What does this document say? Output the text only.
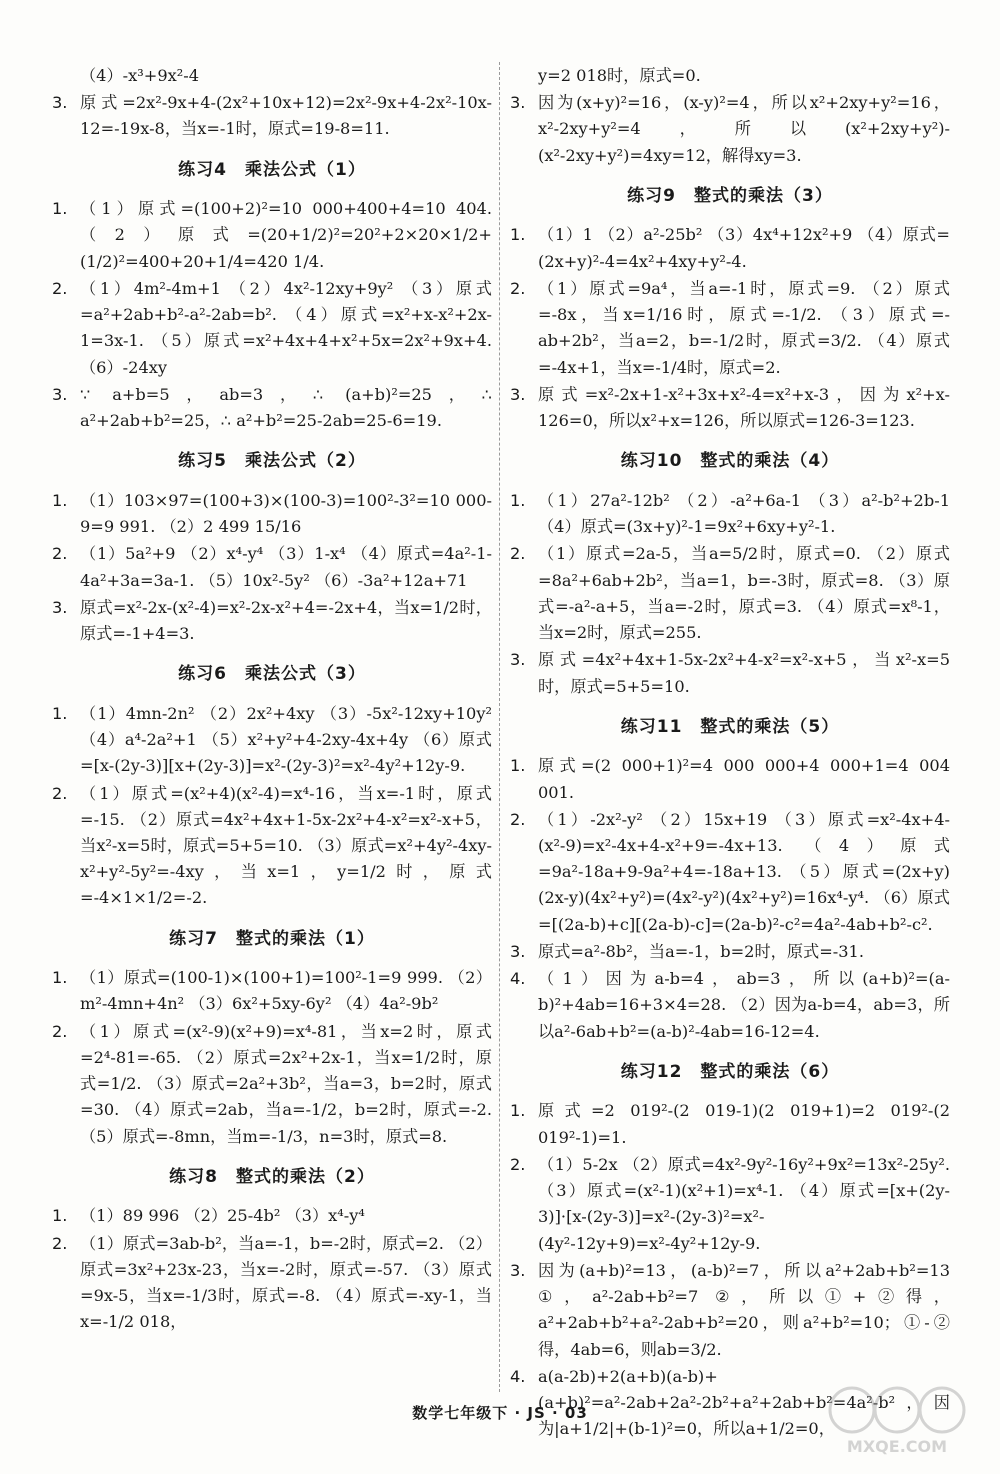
（4）-x³+9x²-4
3. 原式=2x²-9x+4-(2x²+10x+12)=2x²-9x+4-2x²-10x-12=-19x-8，当x=-1时，原式=19-8=11.
练习4　乘法公式（1）
1. （1）原式=(100+2)²=10 000+400+4=10 404. （2）原式=(20+1/2)²=20²+2×20×1/2+(1/2)²=400+20+1/4=420 1/4.
2. （1）4m²-4m+1 （2）4x²-12xy+9y² （3）原式=a²+2ab+b²-a²-2ab=b². （4）原式=x²+x-x²+2x-1=3x-1. （5）原式=x²+4x+4+x²+5x=2x²+9x+4. （6）-24xy
3. ∵ a+b=5，ab=3，∴ (a+b)²=25，∴ a²+2ab+b²=25，∴ a²+b²=25-2ab=25-6=19.
练习5　乘法公式（2）
1. （1）103×97=(100+3)×(100-3)=100²-3²=10 000-9=9 991. （2）2 499 15/16
2. （1）5a²+9 （2）x⁴-y⁴ （3）1-x⁴ （4）原式=4a²-1-4a²+3a=3a-1. （5）10x²-5y² （6）-3a²+12a+71
3. 原式=x²-2x-(x²-4)=x²-2x-x²+4=-2x+4，当x=1/2时，原式=-1+4=3.
练习6　乘法公式（3）
1. （1）4mn-2n² （2）2x²+4xy （3）-5x²-12xy+10y² （4）a⁴-2a²+1 （5）x²+y²+4-2xy-4x+4y （6）原式=[x-(2y-3)][x+(2y-3)]=x²-(2y-3)²=x²-4y²+12y-9.
2. （1）原式=(x²+4)(x²-4)=x⁴-16，当x=-1时，原式=-15. （2）原式=4x²+4x+1-5x-2x²+4-x²=x²-x+5，当x²-x=5时，原式=5+5=10. （3）原式=x²+4y²-4xy-x²+y²-5y²=-4xy，当x=1，y=1/2时，原式=-4×1×1/2=-2.
练习7　整式的乘法（1）
1. （1）原式=(100-1)×(100+1)=100²-1=9 999. （2）m²-4mn+4n² （3）6x²+5xy-6y² （4）4a²-9b²
2. （1）原式=(x²-9)(x²+9)=x⁴-81，当x=2时，原式=2⁴-81=-65. （2）原式=2x²+2x-1，当x=1/2时，原式=1/2. （3）原式=2a²+3b²，当a=3，b=2时，原式=30. （4）原式=2ab，当a=-1/2，b=2时，原式=-2. （5）原式=-8mn，当m=-1/3，n=3时，原式=8.
练习8　整式的乘法（2）
1. （1）89 996 （2）25-4b² （3）x⁴-y⁴
2. （1）原式=3ab-b²，当a=-1，b=-2时，原式=2. （2）原式=3x²+23x-23，当x=-2时，原式=-57. （3）原式=9x-5，当x=-1/3时，原式=-8. （4）原式=-xy-1，当x=-1/2 018，
y=2 018时，原式=0.
3. 因为(x+y)²=16，(x-y)²=4，所以x²+2xy+y²=16，x²-2xy+y²=4，所以(x²+2xy+y²)-(x²-2xy+y²)=4xy=12，解得xy=3.
练习9　整式的乘法（3）
1. （1）1 （2）a²-25b² （3）4x⁴+12x²+9 （4）原式=(2x+y)²-4=4x²+4xy+y²-4.
2. （1）原式=9a⁴，当a=-1时，原式=9. （2）原式=-8x，当x=1/16时，原式=-1/2. （3）原式=-ab+2b²，当a=2，b=-1/2时，原式=3/2. （4）原式=-4x+1，当x=-1/4时，原式=2.
3. 原式=x²-2x+1-x²+3x+x²-4=x²+x-3，因为x²+x-126=0，所以x²+x=126，所以原式=126-3=123.
练习10　整式的乘法（4）
1. （1）27a²-12b² （2）-a²+6a-1 （3）a²-b²+2b-1 （4）原式=(3x+y)²-1=9x²+6xy+y²-1.
2. （1）原式=2a-5，当a=5/2时，原式=0. （2）原式=8a²+6ab+2b²，当a=1，b=-3时，原式=8. （3）原式=-a²-a+5，当a=-2时，原式=3. （4）原式=x⁸-1，当x=2时，原式=255.
3. 原式=4x²+4x+1-5x-2x²+4-x²=x²-x+5，当x²-x=5时，原式=5+5=10.
练习11　整式的乘法（5）
1. 原式=(2 000+1)²=4 000 000+4 000+1=4 004 001.
2. （1）-2x²-y² （2）15x+19 （3）原式=x²-4x+4-(x²-9)=x²-4x+4-x²+9=-4x+13. （4）原式=9a²-18a+9-9a²+4=-18a+13. （5）原式=(2x+y)(2x-y)(4x²+y²)=(4x²-y²)(4x²+y²)=16x⁴-y⁴. （6）原式=[(2a-b)+c][(2a-b)-c]=(2a-b)²-c²=4a²-4ab+b²-c².
3. 原式=a²-8b²，当a=-1，b=2时，原式=-31.
4. （1）因为a-b=4，ab=3，所以(a+b)²=(a-b)²+4ab=16+3×4=28. （2）因为a-b=4，ab=3，所以a²-6ab+b²=(a-b)²-4ab=16-12=4.
练习12　整式的乘法（6）
1. 原式=2 019²-(2 019-1)(2 019+1)=2 019²-(2 019²-1)=1.
2. （1）5-2x （2）原式=4x²-9y²-16y²+9x²=13x²-25y². （3）原式=(x²-1)(x²+1)=x⁴-1. （4）原式=[x+(2y-3)]·[x-(2y-3)]=x²-(2y-3)²=x²-(4y²-12y+9)=x²-4y²+12y-9.
3. 因为(a+b)²=13，(a-b)²=7，所以a²+2ab+b²=13 ①，a²-2ab+b²=7 ②，所以①+②得，a²+2ab+b²+a²-2ab+b²=20，则a²+b²=10；①-②得，4ab=6，则ab=3/2.
4. a(a-2b)+2(a+b)(a-b)+(a+b)²=a²-2ab+2a²-2b²+a²+2ab+b²=4a²-b²，因为|a+1/2|+(b-1)²=0，所以a+1/2=0，
数学七年级下 · JS · 03
MXQE.COM
